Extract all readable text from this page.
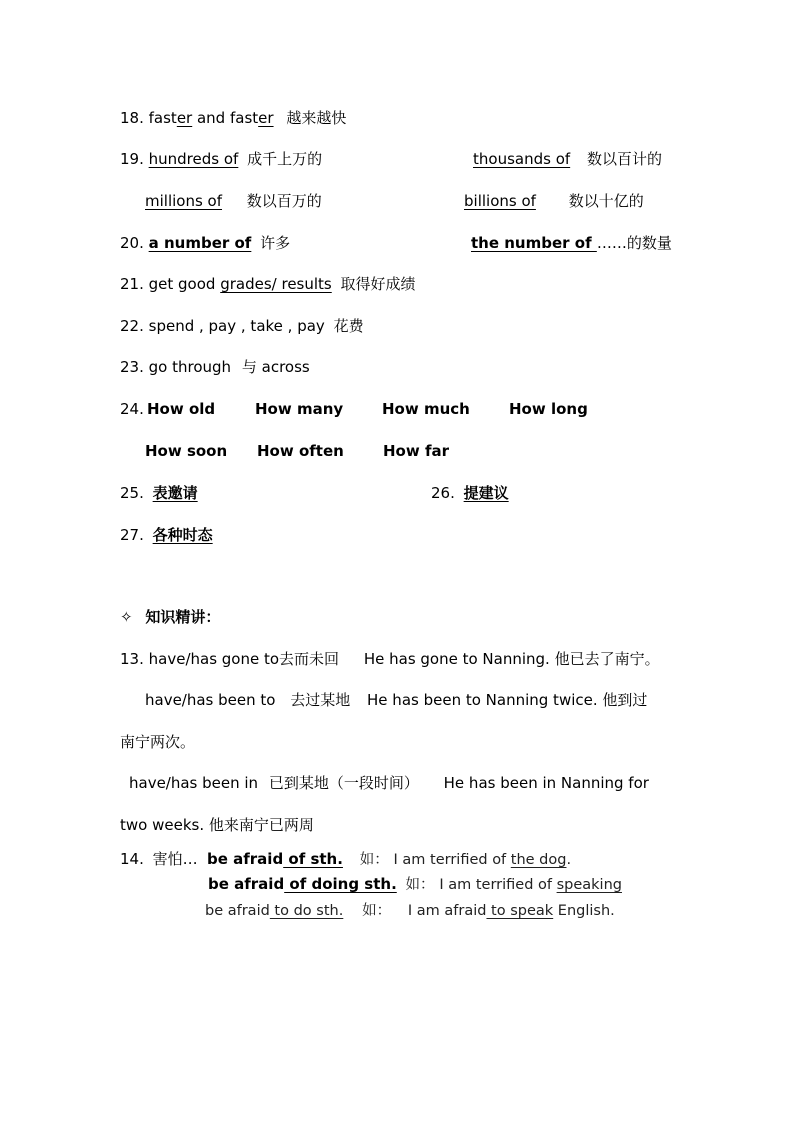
18. faster and faster 越来越快
19. hundreds of 成千上万的	thousands of 数以百计的
millions of 数以百万的	billions of 数以十亿的
20. a number of 许多	the number of ……的数量
21. get good grades/ results 取得好成绩
22. spend , pay , take , pay 花费
23. go through 与 across
24. How old	How many	How much	How long
How soon How often	How far
25. 表邀请	26. 提建议
27. 各种时态
✧ 知识精讲：
13. have/has gone to去而未回 He has gone to Nanning. 他已去了南宁。
have/has been to 去过某地 He has been to Nanning twice. 他到过
南宁两次。
have/has been in 已到某地（一段时间） He has been in Nanning for
two weeks. 他来南宁已两周
14. 害怕… be afraid of sth. 如： I am terrified of the dog.
be afraid of doing sth. 如： I am terrified of speaking
be afraid to do sth. 如： I am afraid to speak English.
